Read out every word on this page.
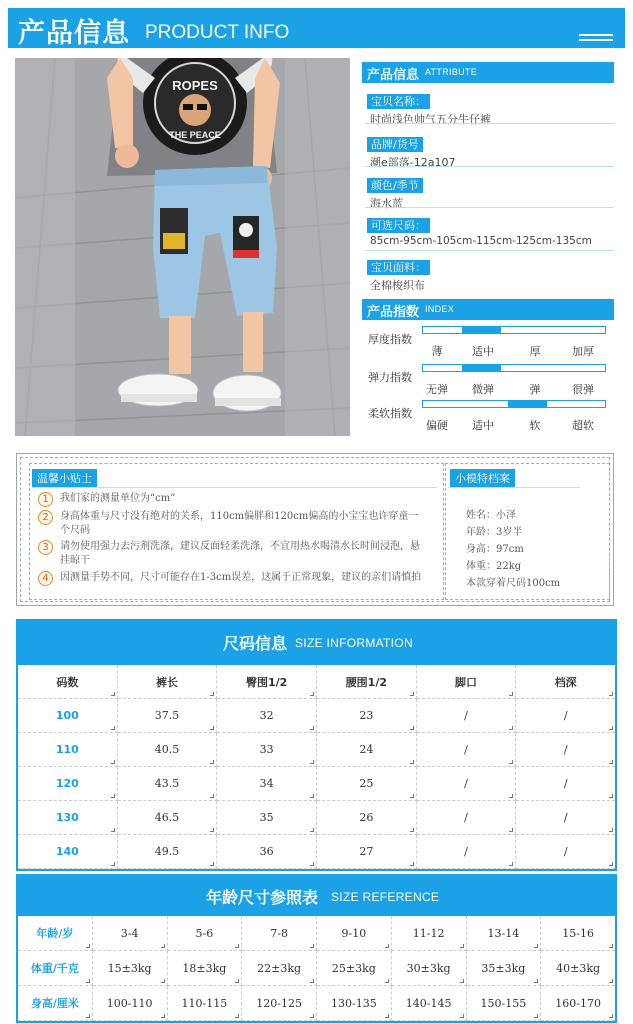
产品信息 PRODUCT INFO
ROPES
THE PEACE
产品信息 ATTRIBUTE
宝贝名称：
时尚浅色帅气五分牛仔裤
品牌/货号
潮e部落-12a107
颜色/季节
海水蓝
可选尺码：
85cm-95cm-105cm-115cm-125cm-135cm
宝贝面料：
全棉梭织布
产品指数 INDEX
厚度指数
薄	适中	厚	加厚
弹力指数
无弹 微弹	弹	很弹
柔软指数
偏硬 适中	软	超软
温馨小贴士
1	我们家的测量单位为“cm”
2	身高体重与尺寸没有绝对的关系，110cm偏胖和120cm偏高的小宝宝也许穿童一个尺码
3	请勿使用强力去污剂洗涤，建议反面轻柔洗涤，不宜用热水喝清水长时间浸泡，悬挂晾干
4	因测量手势不同，尺寸可能存在1-3cm误差，这属于正常现象，建议的亲们请慎拍
小模特档案
姓名：小泽
年龄：3岁半
身高：97cm
体重：22kg
本款穿着尺码100cm
尺码信息 SIZE INFORMATION
码数	裤长	臀围1/2	腰围1/2	脚口	档深
100	37.5	32	23	/	/
110	40.5	33	24	/	/
120	43.5	34	25	/	/
130	46.5	35	26	/	/
140	49.5	36	27	/	/
年龄尺寸参照表 SIZE REFERENCE
年龄/岁	3-4	5-6	7-8	9-10	11-12	13-14	15-16
体重/千克	15±3kg	18±3kg	22±3kg	25±3kg	30±3kg	35±3kg	40±3kg
身高/厘米	100-110	110-115	120-125	130-135	140-145	150-155	160-170
